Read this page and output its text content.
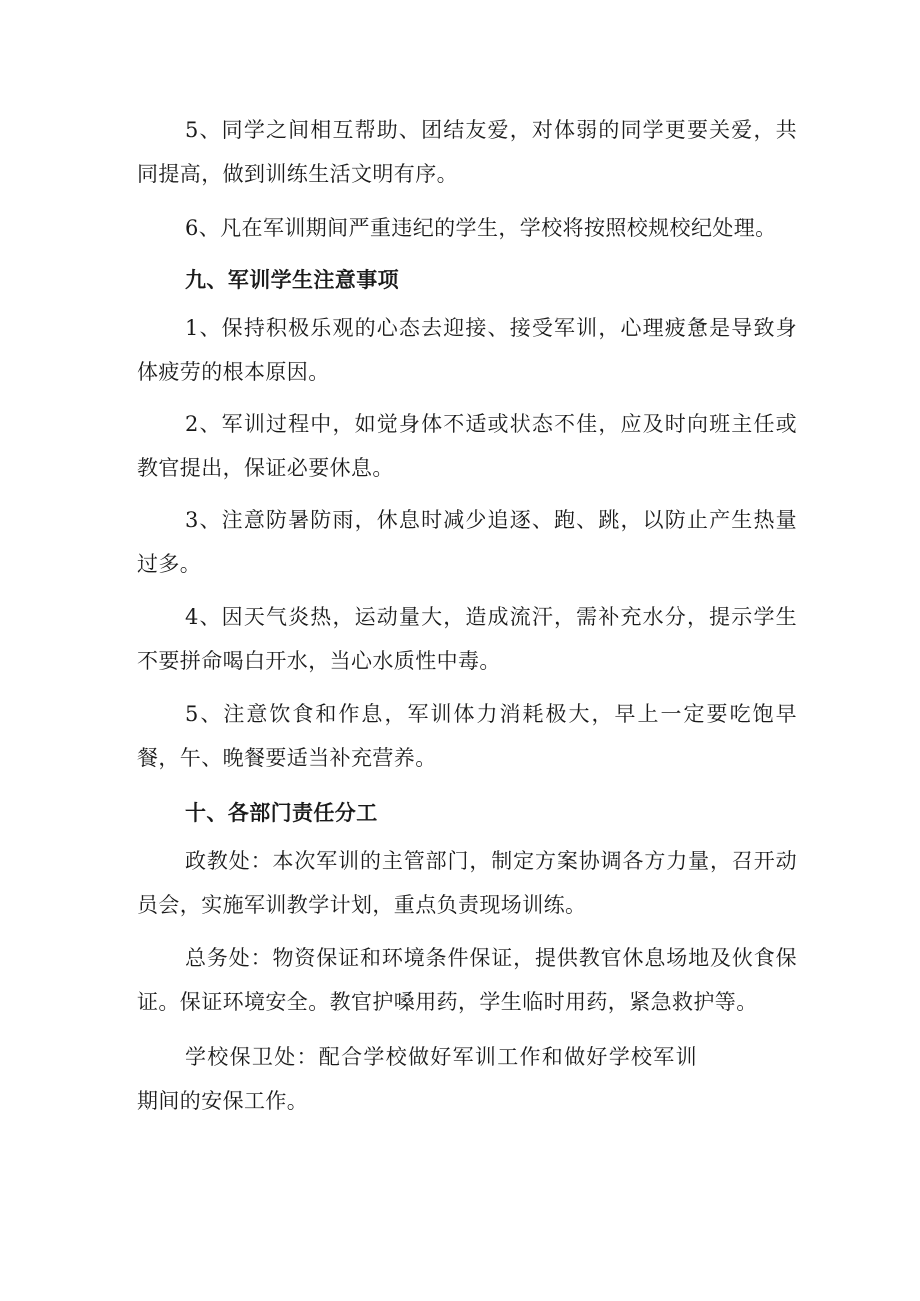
5、同学之间相互帮助、团结友爱，对体弱的同学更要关爱，共同提高，做到训练生活文明有序。

6、凡在军训期间严重违纪的学生，学校将按照校规校纪处理。

九、军训学生注意事项

1、保持积极乐观的心态去迎接、接受军训，心理疲惫是导致身体疲劳的根本原因。

2、军训过程中，如觉身体不适或状态不佳，应及时向班主任或教官提出，保证必要休息。

3、注意防暑防雨，休息时减少追逐、跑、跳，以防止产生热量过多。

4、因天气炎热，运动量大，造成流汗，需补充水分，提示学生不要拼命喝白开水，当心水质性中毒。

5、注意饮食和作息，军训体力消耗极大，早上一定要吃饱早餐，午、晚餐要适当补充营养。

十、各部门责任分工

政教处：本次军训的主管部门，制定方案协调各方力量，召开动员会，实施军训教学计划，重点负责现场训练。

总务处：物资保证和环境条件保证，提供教官休息场地及伙食保证。保证环境安全。教官护嗓用药，学生临时用药，紧急救护等。

学校保卫处：配合学校做好军训工作和做好学校军训期间的安保工作。
